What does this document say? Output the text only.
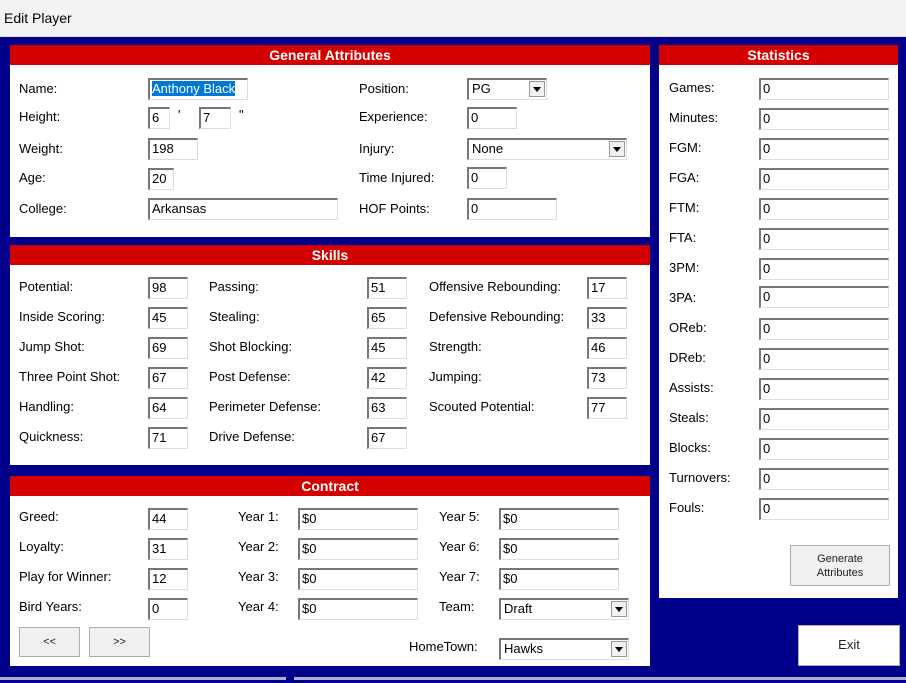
Edit Player
General Attributes
Name:	Anthony Black
Height:	6	'	7	"
Weight:	198
Age:	20
College:	Arkansas
Position:	PG
Experience:	0
Injury:	None
Time Injured:	0
HOF Points:	0
Skills
Potential:	98
Inside Scoring:	45
Jump Shot:	69
Three Point Shot:	67
Handling:	64
Quickness:	71
Passing:	51
Stealing:	65
Shot Blocking:	45
Post Defense:	42
Perimeter Defense:	63
Drive Defense:	67
Offensive Rebounding:	17
Defensive Rebounding:	33
Strength:	46
Jumping:	73
Scouted Potential:	77
Contract
Greed:	44
Loyalty:	31
Play for Winner:	12
Bird Years:	0
Year 1:	$0
Year 2:	$0
Year 3:	$0
Year 4:	$0
Year 5:	$0
Year 6:	$0
Year 7:	$0
Team:	Draft
<<	>>	HomeTown:	Hawks
Statistics
Games:	0
Minutes:	0
FGM:	0
FGA:	0
FTM:	0
FTA:	0
3PM:	0
3PA:	0
OReb:	0
DReb:	0
Assists:	0
Steals:	0
Blocks:	0
Turnovers:	0
Fouls:	0
Generate
Attributes
Exit
